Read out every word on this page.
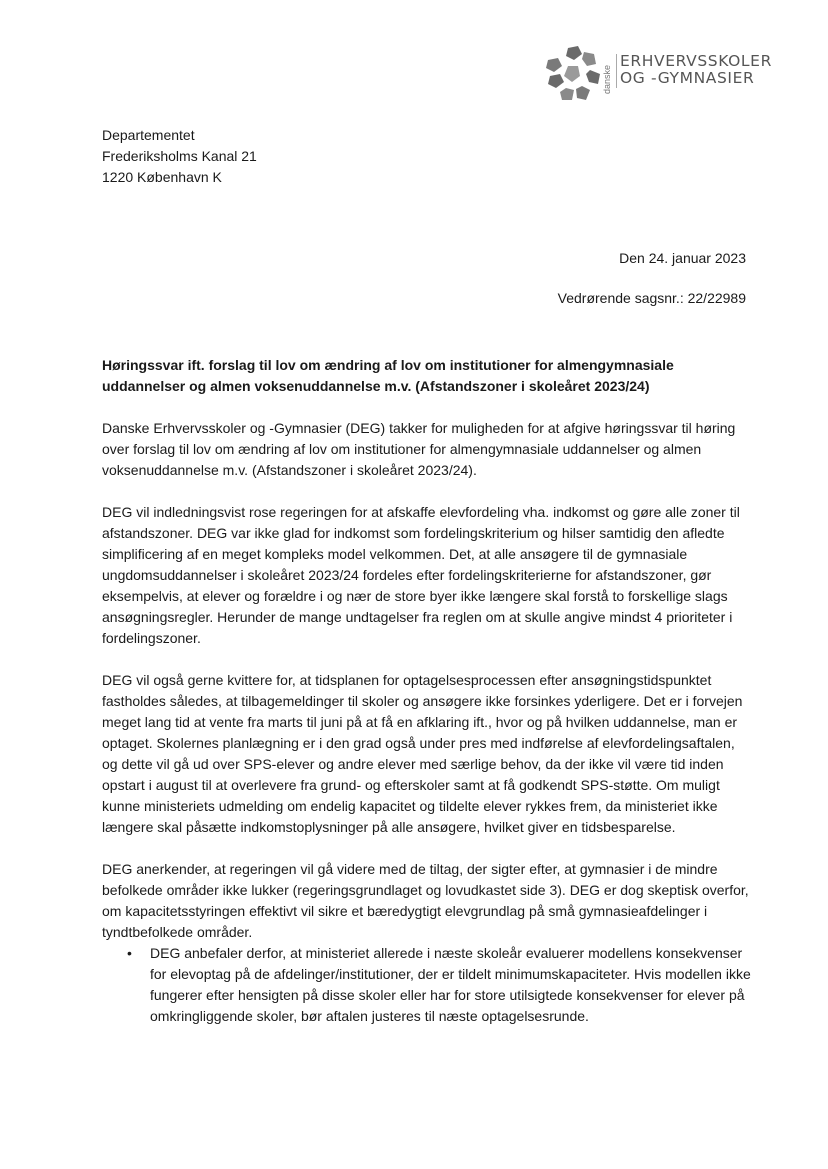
danske
ERHVERVSSKOLER
OG -GYMNASIER
Departementet
Frederiksholms Kanal 21
1220 København K
Den 24. januar 2023
Vedrørende sagsnr.: 22/22989
Høringssvar ift. forslag til lov om ændring af lov om institutioner for almengymnasiale uddannelser og almen voksenuddannelse m.v. (Afstandszoner i skoleåret 2023/24)

Danske Erhvervsskoler og -Gymnasier (DEG) takker for muligheden for at afgive høringssvar til høring over forslag til lov om ændring af lov om institutioner for almengymnasiale uddannelser og almen voksenuddannelse m.v. (Afstandszoner i skoleåret 2023/24).

DEG vil indledningsvist rose regeringen for at afskaffe elevfordeling vha. indkomst og gøre alle zoner til afstandszoner. DEG var ikke glad for indkomst som fordelingskriterium og hilser samtidig den afledte simplificering af en meget kompleks model velkommen. Det, at alle ansøgere til de gymnasiale ungdomsuddannelser i skoleåret 2023/24 fordeles efter fordelingskriterierne for afstandszoner, gør eksempelvis, at elever og forældre i og nær de store byer ikke længere skal forstå to forskellige slags ansøgningsregler. Herunder de mange undtagelser fra reglen om at skulle angive mindst 4 prioriteter i fordelingszoner.

DEG vil også gerne kvittere for, at tidsplanen for optagelsesprocessen efter ansøgningstidspunktet fastholdes således, at tilbagemeldinger til skoler og ansøgere ikke forsinkes yderligere. Det er i forvejen meget lang tid at vente fra marts til juni på at få en afklaring ift., hvor og på hvilken uddannelse, man er optaget. Skolernes planlægning er i den grad også under pres med indførelse af elevfordelingsaftalen, og dette vil gå ud over SPS-elever og andre elever med særlige behov, da der ikke vil være tid inden opstart i august til at overlevere fra grund- og efterskoler samt at få godkendt SPS-støtte. Om muligt kunne ministeriets udmelding om endelig kapacitet og tildelte elever rykkes frem, da ministeriet ikke længere skal påsætte indkomstoplysninger på alle ansøgere, hvilket giver en tidsbesparelse.

DEG anerkender, at regeringen vil gå videre med de tiltag, der sigter efter, at gymnasier i de mindre befolkede områder ikke lukker (regeringsgrundlaget og lovudkastet side 3). DEG er dog skeptisk overfor, om kapacitetsstyringen effektivt vil sikre et bæredygtigt elevgrundlag på små gymnasieafdelinger i tyndtbefolkede områder.

• DEG anbefaler derfor, at ministeriet allerede i næste skoleår evaluerer modellens konsekvenser for elevoptag på de afdelinger/institutioner, der er tildelt minimumskapaciteter. Hvis modellen ikke fungerer efter hensigten på disse skoler eller har for store utilsigtede konsekvenser for elever på omkringliggende skoler, bør aftalen justeres til næste optagelsesrunde.
